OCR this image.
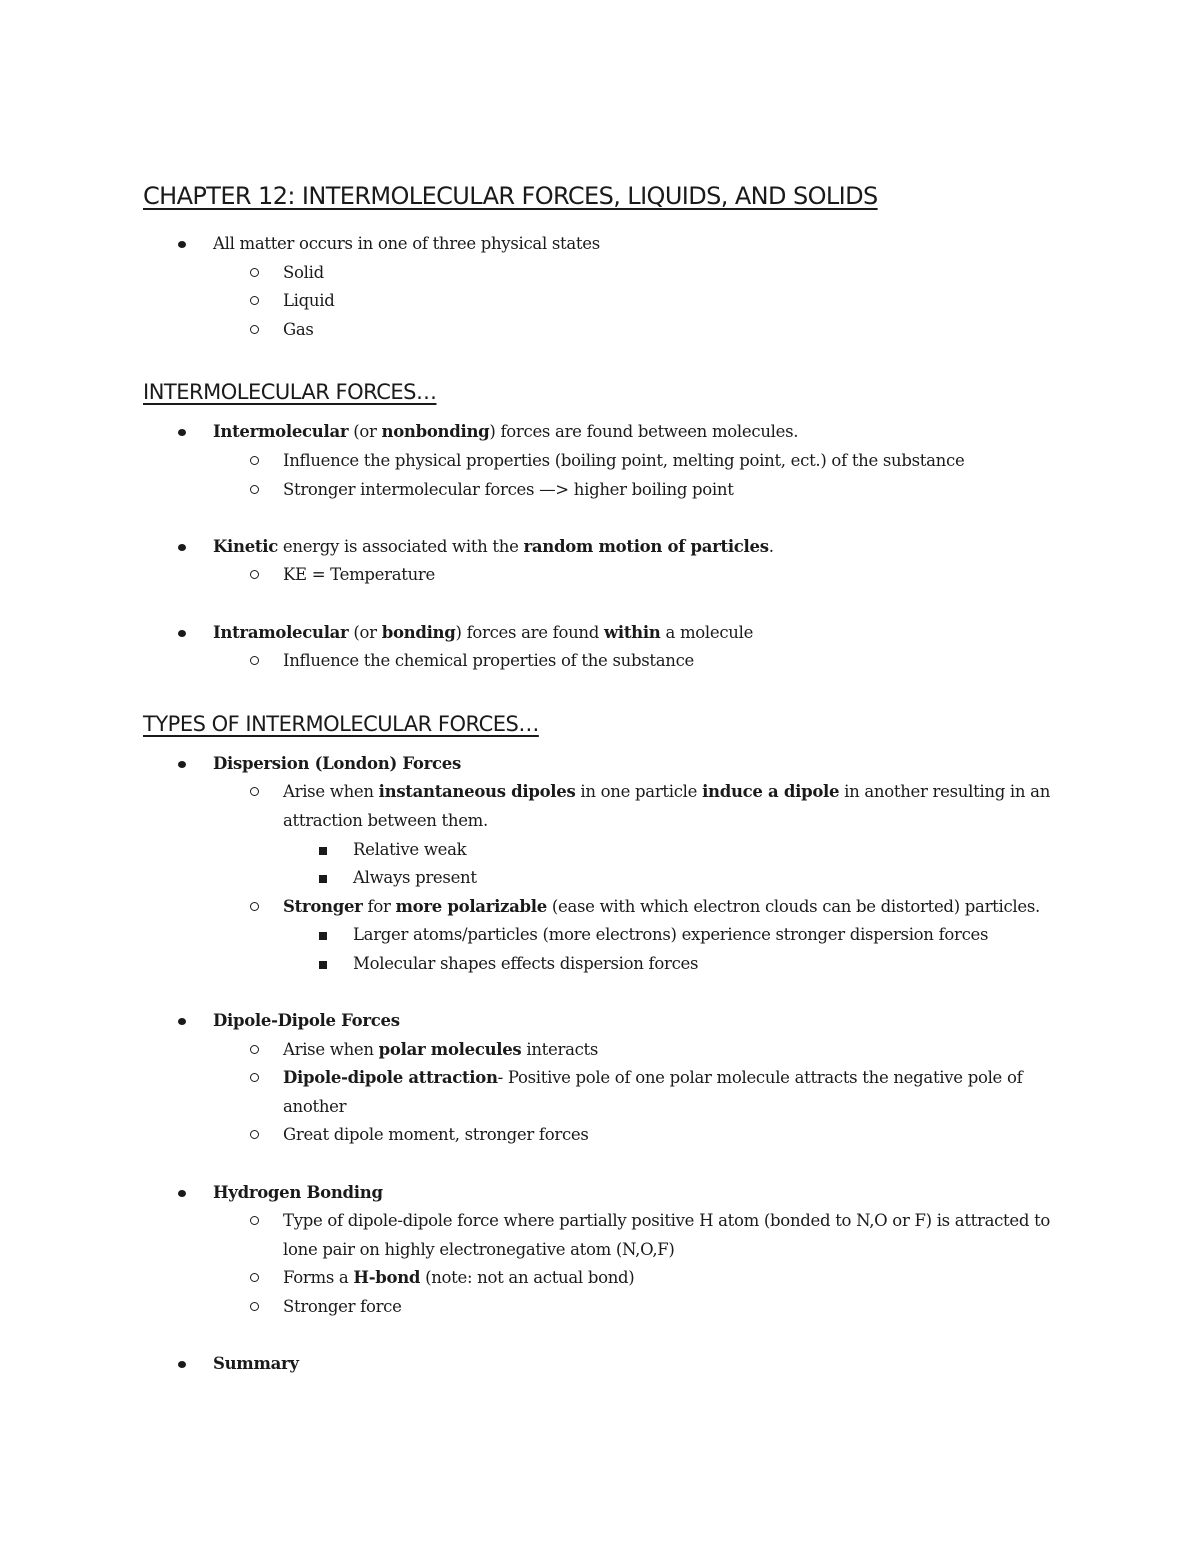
CHAPTER 12: INTERMOLECULAR FORCES, LIQUIDS, AND SOLIDS
All matter occurs in one of three physical states
Solid
Liquid
Gas
INTERMOLECULAR FORCES…
Intermolecular (or nonbonding) forces are found between molecules.
Influence the physical properties (boiling point, melting point, ect.) of the substance
Stronger intermolecular forces —> higher boiling point
Kinetic energy is associated with the random motion of particles.
KE = Temperature
Intramolecular (or bonding) forces are found within a molecule
Influence the chemical properties of the substance
TYPES OF INTERMOLECULAR FORCES…
Dispersion (London) Forces
Arise when instantaneous dipoles in one particle induce a dipole in another resulting in an attraction between them.
Relative weak
Always present
Stronger for more polarizable (ease with which electron clouds can be distorted) particles.
Larger atoms/particles (more electrons) experience stronger dispersion forces
Molecular shapes effects dispersion forces
Dipole-Dipole Forces
Arise when polar molecules interacts
Dipole-dipole attraction- Positive pole of one polar molecule attracts the negative pole of another
Great dipole moment, stronger forces
Hydrogen Bonding
Type of dipole-dipole force where partially positive H atom (bonded to N,O or F) is attracted to lone pair on highly electronegative atom (N,O,F)
Forms a H-bond (note: not an actual bond)
Stronger force
Summary
